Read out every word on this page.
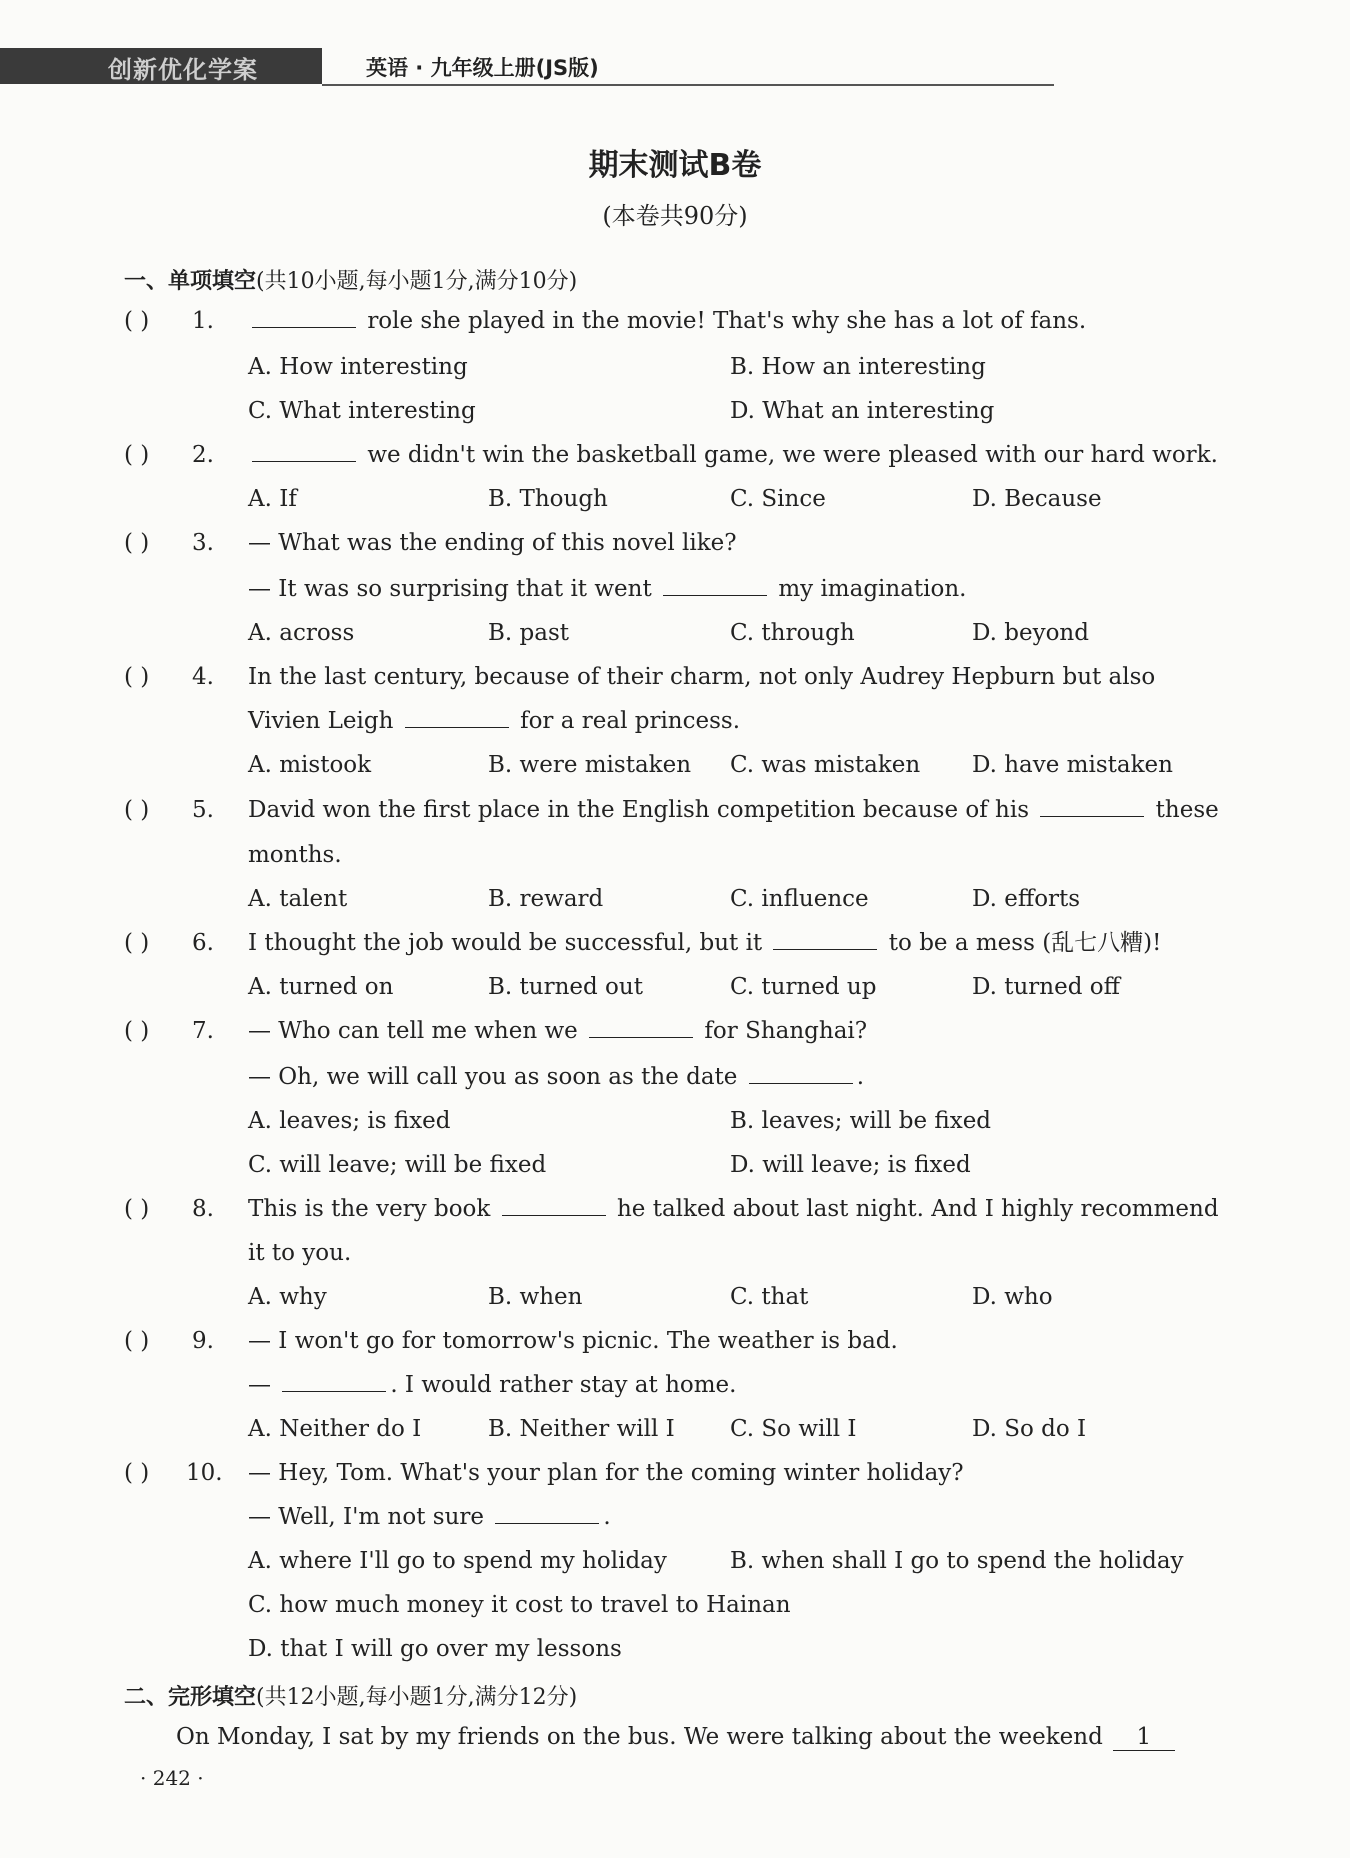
创新优化学案	英语 · 九年级上册(JS版)
期末测试B卷
(本卷共90分)
一、单项填空(共10小题,每小题1分,满分10分)
( ) 1.	role she played in the movie! That's why she has a lot of fans.
A. How interesting	B. How an interesting
C. What interesting	D. What an interesting
( ) 2.	we didn't win the basketball game, we were pleased with our hard work.
A. If	B. Though	C. Since	D. Because
( ) 3. — What was the ending of this novel like?
— It was so surprising that it went	my imagination.
A. across	B. past	C. through	D. beyond
( ) 4. In the last century, because of their charm, not only Audrey Hepburn but also
Vivien Leigh	for a real princess.
A. mistook	B. were mistaken C. was mistaken D. have mistaken
( ) 5. David won the first place in the English competition because of his	these
months.
A. talent	B. reward	C. influence	D. efforts
( ) 6. I thought the job would be successful, but it	to be a mess (乱七八糟)!
A. turned on	B. turned out	C. turned up	D. turned off
( ) 7. — Who can tell me when we	for Shanghai?
— Oh, we will call you as soon as the date	.
A. leaves; is fixed	B. leaves; will be fixed
C. will leave; will be fixed	D. will leave; is fixed
( ) 8. This is the very book	he talked about last night. And I highly recommend
it to you.
A. why	B. when	C. that	D. who
( ) 9. — I won't go for tomorrow's picnic. The weather is bad.
—	. I would rather stay at home.
A. Neither do I	B. Neither will I C. So will I	D. So do I
( ) 10. — Hey, Tom. What's your plan for the coming winter holiday?
— Well, I'm not sure	.
A. where I'll go to spend my holiday	B. when shall I go to spend the holiday
C. how much money it cost to travel to Hainan
D. that I will go over my lessons
二、完形填空(共12小题,每小题1分,满分12分)
On Monday, I sat by my friends on the bus. We were talking about the weekend 1
· 242 ·
